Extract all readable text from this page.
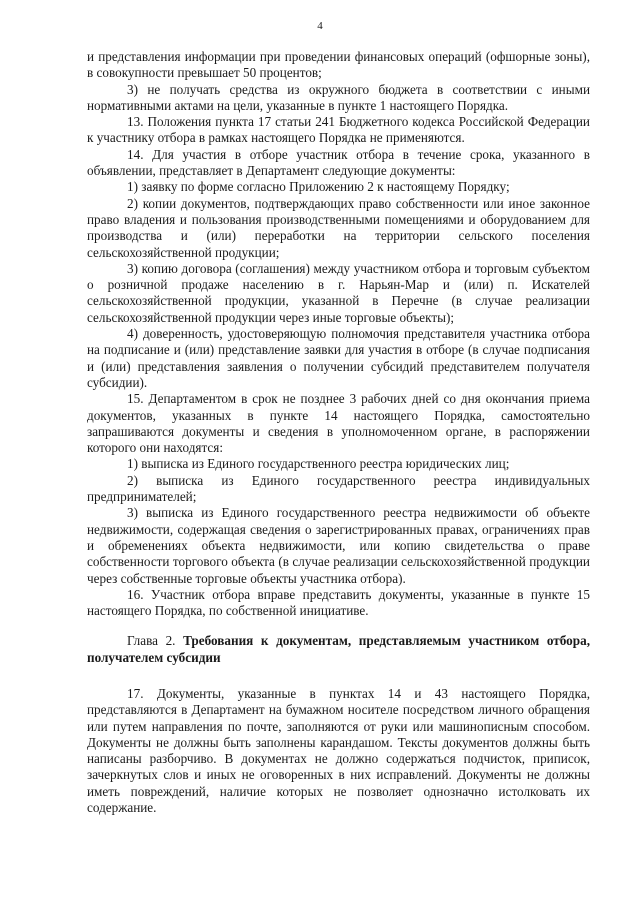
4

и представления информации при проведении финансовых операций (офшорные зоны), в совокупности превышает 50 процентов;

3) не получать средства из окружного бюджета в соответствии с иными нормативными актами на цели, указанные в пункте 1 настоящего Порядка.

13. Положения пункта 17 статьи 241 Бюджетного кодекса Российской Федерации к участнику отбора в рамках настоящего Порядка не применяются.

14. Для участия в отборе участник отбора в течение срока, указанного в объявлении, представляет в Департамент следующие документы:

1) заявку по форме согласно Приложению 2 к настоящему Порядку;

2) копии документов, подтверждающих право собственности или иное законное право владения и пользования производственными помещениями и оборудованием для производства и (или) переработки на территории сельского поселения сельскохозяйственной продукции;

3) копию договора (соглашения) между участником отбора и торговым субъектом о розничной продаже населению в г. Нарьян-Мар и (или) п. Искателей сельскохозяйственной продукции, указанной в Перечне (в случае реализации сельскохозяйственной продукции через иные торговые объекты);

4) доверенность, удостоверяющую полномочия представителя участника отбора на подписание и (или) представление заявки для участия в отборе (в случае подписания и (или) представления заявления о получении субсидий представителем получателя субсидии).

15. Департаментом в срок не позднее 3 рабочих дней со дня окончания приема документов, указанных в пункте 14 настоящего Порядка, самостоятельно запрашиваются документы и сведения в уполномоченном органе, в распоряжении которого они находятся:

1) выписка из Единого государственного реестра юридических лиц;

2) выписка из Единого государственного реестра индивидуальных предпринимателей;

3) выписка из Единого государственного реестра недвижимости об объекте недвижимости, содержащая сведения о зарегистрированных правах, ограничениях прав и обременениях объекта недвижимости, или копию свидетельства о праве собственности торгового объекта (в случае реализации сельскохозяйственной продукции через собственные торговые объекты участника отбора).

16. Участник отбора вправе представить документы, указанные в пункте 15 настоящего Порядка, по собственной инициативе.

Глава 2. Требования к документам, представляемым участником отбора, получателем субсидии

17. Документы, указанные в пунктах 14 и 43 настоящего Порядка, представляются в Департамент на бумажном носителе посредством личного обращения или путем направления по почте, заполняются от руки или машинописным способом. Документы не должны быть заполнены карандашом. Тексты документов должны быть написаны разборчиво. В документах не должно содержаться подчисток, приписок, зачеркнутых слов и иных не оговоренных в них исправлений. Документы не должны иметь повреждений, наличие которых не позволяет однозначно истолковать их содержание.
